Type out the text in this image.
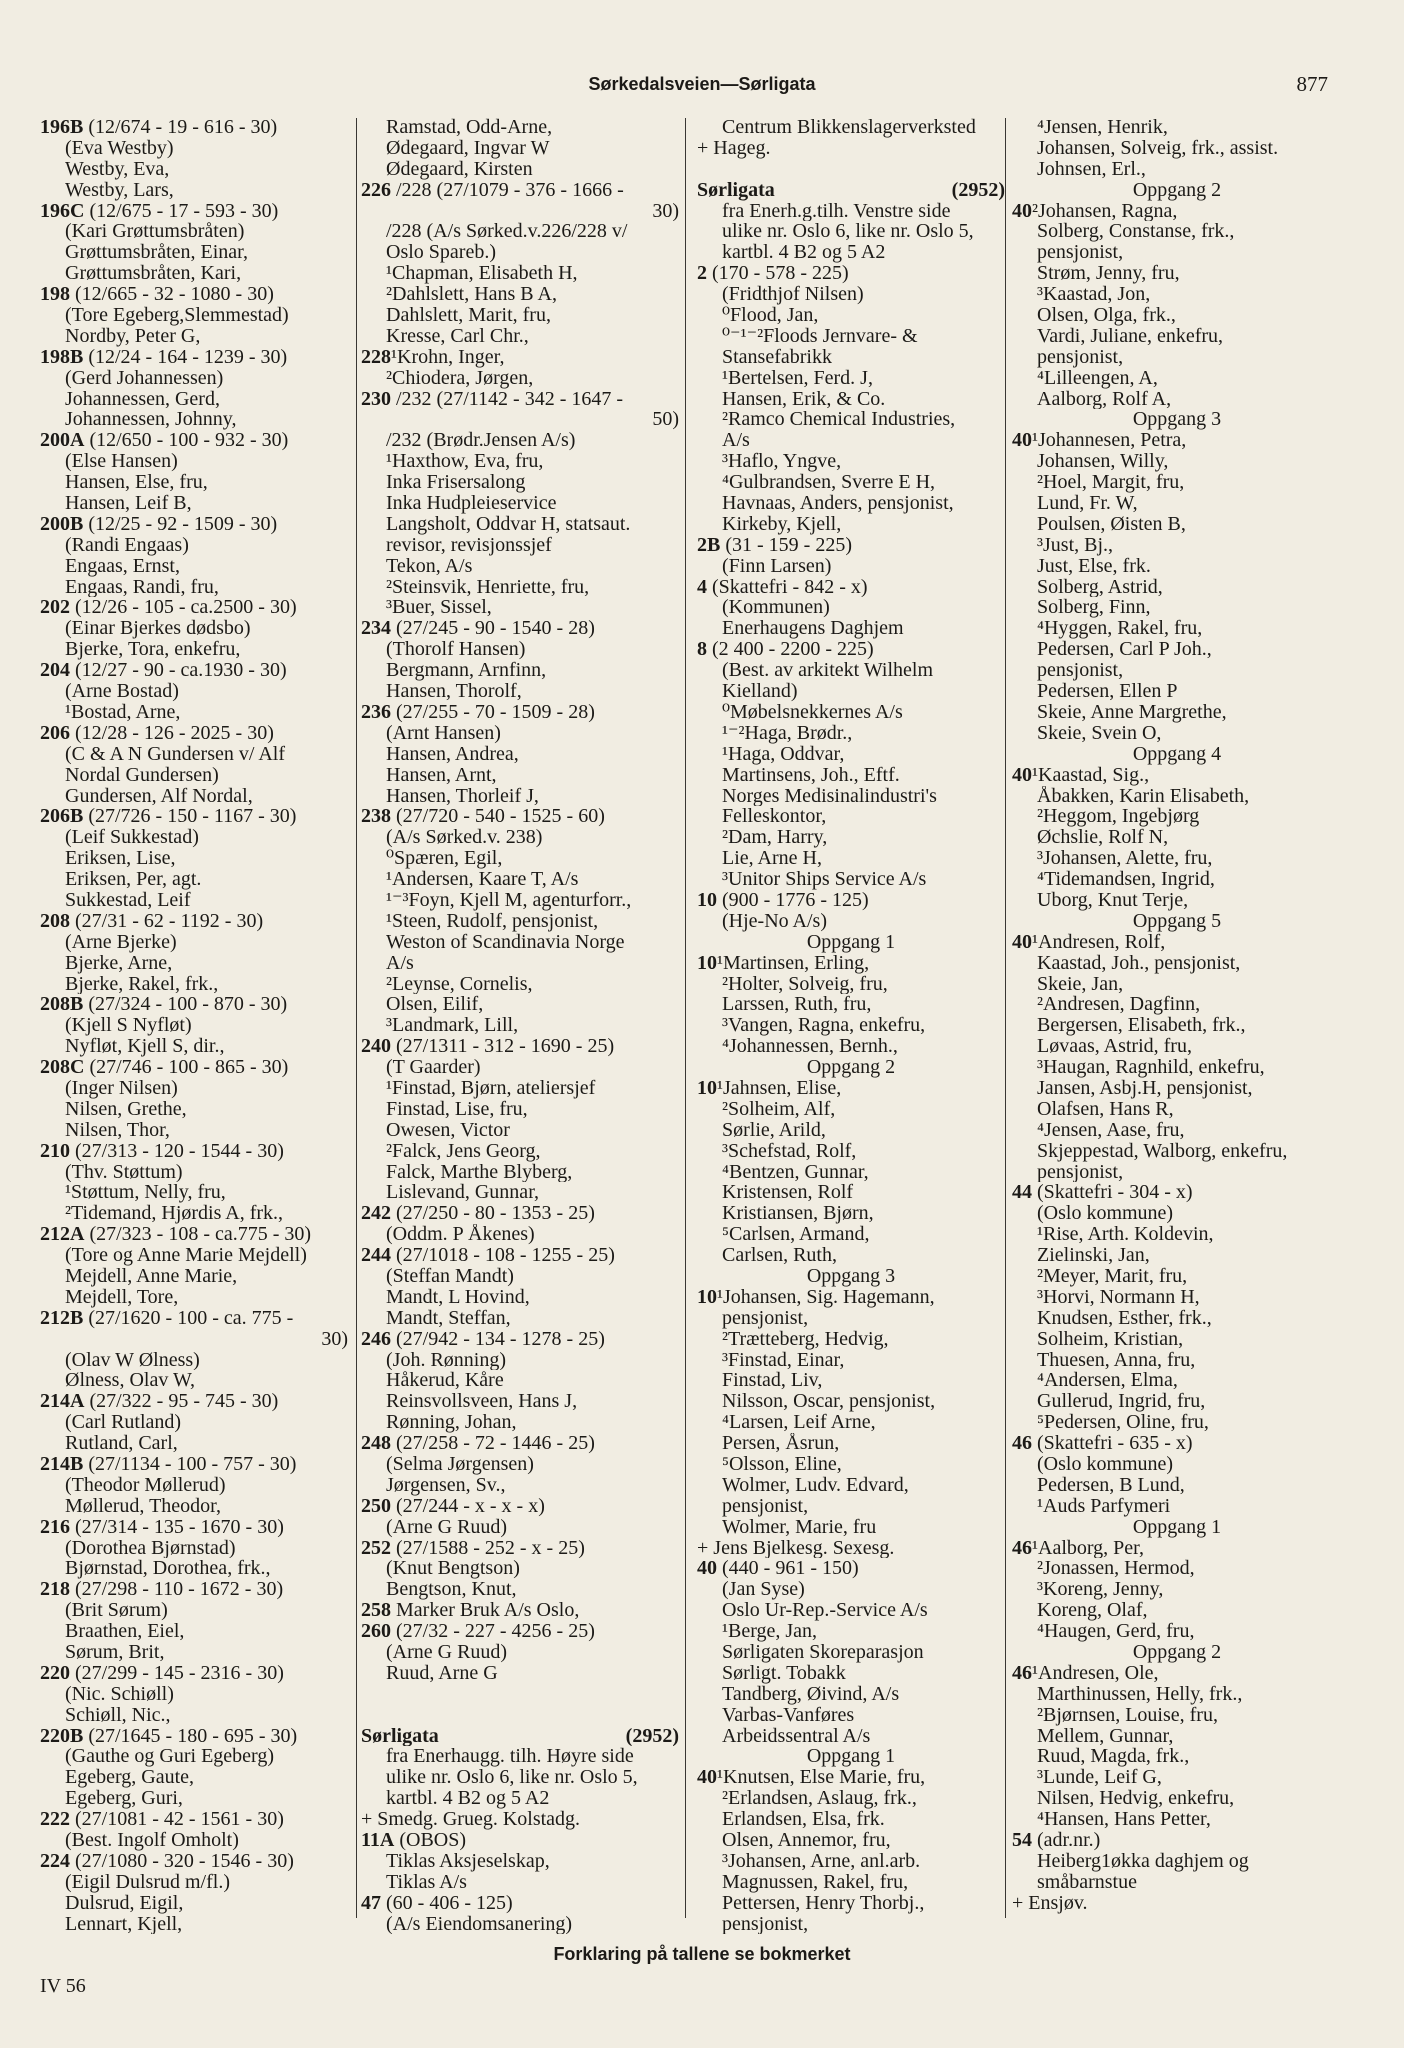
Sørkedalsveien—Sørligata	877
196B (12/674 - 19 - 616 - 30)
(Eva Westby)
Westby, Eva,
Westby, Lars,
196C (12/675 - 17 - 593 - 30)
(Kari Grøttumsbråten)
Grøttumsbråten, Einar,
Grøttumsbråten, Kari,
198 (12/665 - 32 - 1080 - 30)
(Tore Egeberg,Slemmestad)
Nordby, Peter G,
198B (12/24 - 164 - 1239 - 30)
(Gerd Johannessen)
Johannessen, Gerd,
Johannessen, Johnny,
200A (12/650 - 100 - 932 - 30)
(Else Hansen)
Hansen, Else, fru,
Hansen, Leif B,
200B (12/25 - 92 - 1509 - 30)
(Randi Engaas)
Engaas, Ernst,
Engaas, Randi, fru,
202 (12/26 - 105 - ca.2500 - 30)
(Einar Bjerkes dødsbo)
Bjerke, Tora, enkefru,
204 (12/27 - 90 - ca.1930 - 30)
(Arne Bostad)
¹Bostad, Arne,
206 (12/28 - 126 - 2025 - 30)
(C & A N Gundersen v/ Alf
Nordal Gundersen)
Gundersen, Alf Nordal,
206B (27/726 - 150 - 1167 - 30)
(Leif Sukkestad)
Eriksen, Lise,
Eriksen, Per, agt.
Sukkestad, Leif
208 (27/31 - 62 - 1192 - 30)
(Arne Bjerke)
Bjerke, Arne,
Bjerke, Rakel, frk.,
208B (27/324 - 100 - 870 - 30)
(Kjell S Nyfløt)
Nyfløt, Kjell S, dir.,
208C (27/746 - 100 - 865 - 30)
(Inger Nilsen)
Nilsen, Grethe,
Nilsen, Thor,
210 (27/313 - 120 - 1544 - 30)
(Thv. Støttum)
¹Støttum, Nelly, fru,
²Tidemand, Hjørdis A, frk.,
212A (27/323 - 108 - ca.775 - 30)
(Tore og Anne Marie Mejdell)
Mejdell, Anne Marie,
Mejdell, Tore,
212B (27/1620 - 100 - ca. 775 -
30)
(Olav W Ølness)
Ølness, Olav W,
214A (27/322 - 95 - 745 - 30)
(Carl Rutland)
Rutland, Carl,
214B (27/1134 - 100 - 757 - 30)
(Theodor Møllerud)
Møllerud, Theodor,
216 (27/314 - 135 - 1670 - 30)
(Dorothea Bjørnstad)
Bjørnstad, Dorothea, frk.,
218 (27/298 - 110 - 1672 - 30)
(Brit Sørum)
Braathen, Eiel,
Sørum, Brit,
220 (27/299 - 145 - 2316 - 30)
(Nic. Schiøll)
Schiøll, Nic.,
220B (27/1645 - 180 - 695 - 30)
(Gauthe og Guri Egeberg)
Egeberg, Gaute,
Egeberg, Guri,
222 (27/1081 - 42 - 1561 - 30)
(Best. Ingolf Omholt)
224 (27/1080 - 320 - 1546 - 30)
(Eigil Dulsrud m/fl.)
Dulsrud, Eigil,
Lennart, Kjell,
Ramstad, Odd-Arne,
Ødegaard, Ingvar W
Ødegaard, Kirsten
226 /228 (27/1079 - 376 - 1666 -
30)
/228 (A/s Sørked.v.226/228 v/
Oslo Spareb.)
¹Chapman, Elisabeth H,
²Dahlslett, Hans B A,
Dahlslett, Marit, fru,
Kresse, Carl Chr.,
228¹Krohn, Inger,
²Chiodera, Jørgen,
230 /232 (27/1142 - 342 - 1647 -
50)
/232 (Brødr.Jensen A/s)
¹Haxthow, Eva, fru,
Inka Frisersalong
Inka Hudpleieservice
Langsholt, Oddvar H, statsaut.
revisor, revisjonssjef
Tekon, A/s
²Steinsvik, Henriette, fru,
³Buer, Sissel,
234 (27/245 - 90 - 1540 - 28)
(Thorolf Hansen)
Bergmann, Arnfinn,
Hansen, Thorolf,
236 (27/255 - 70 - 1509 - 28)
(Arnt Hansen)
Hansen, Andrea,
Hansen, Arnt,
Hansen, Thorleif J,
238 (27/720 - 540 - 1525 - 60)
(A/s Sørked.v. 238)
⁰Spæren, Egil,
¹Andersen, Kaare T, A/s
¹⁻³Foyn, Kjell M, agenturforr.,
¹Steen, Rudolf, pensjonist,
Weston of Scandinavia Norge
A/s
²Leynse, Cornelis,
Olsen, Eilif,
³Landmark, Lill,
240 (27/1311 - 312 - 1690 - 25)
(T Gaarder)
¹Finstad, Bjørn, ateliersjef
Finstad, Lise, fru,
Owesen, Victor
²Falck, Jens Georg,
Falck, Marthe Blyberg,
Lislevand, Gunnar,
242 (27/250 - 80 - 1353 - 25)
(Oddm. P Åkenes)
244 (27/1018 - 108 - 1255 - 25)
(Steffan Mandt)
Mandt, L Hovind,
Mandt, Steffan,
246 (27/942 - 134 - 1278 - 25)
(Joh. Rønning)
Håkerud, Kåre
Reinsvollsveen, Hans J,
Rønning, Johan,
248 (27/258 - 72 - 1446 - 25)
(Selma Jørgensen)
Jørgensen, Sv.,
250 (27/244 - x - x - x)
(Arne G Ruud)
252 (27/1588 - 252 - x - 25)
(Knut Bengtson)
Bengtson, Knut,
258 Marker Bruk A/s Oslo,
260 (27/32 - 227 - 4256 - 25)
(Arne G Ruud)
Ruud, Arne G

Sørligata	(2952)
fra Enerhaugg. tilh. Høyre side
ulike nr. Oslo 6, like nr. Oslo 5,
kartbl. 4 B2 og 5 A2
+ Smedg. Grueg. Kolstadg.
11A (OBOS)
Tiklas Aksjeselskap,
Tiklas A/s
47 (60 - 406 - 125)
(A/s Eiendomsanering)
Centrum Blikkenslagerverksted
+ Hageg.

Sørligata	(2952)
fra Enerh.g.tilh. Venstre side
ulike nr. Oslo 6, like nr. Oslo 5,
kartbl. 4 B2 og 5 A2
2 (170 - 578 - 225)
(Fridthjof Nilsen)
⁰Flood, Jan,
⁰⁻¹⁻²Floods Jernvare- &
Stansefabrikk
¹Bertelsen, Ferd. J,
Hansen, Erik, & Co.
²Ramco Chemical Industries,
A/s
³Haflo, Yngve,
⁴Gulbrandsen, Sverre E H,
Havnaas, Anders, pensjonist,
Kirkeby, Kjell,
2B (31 - 159 - 225)
(Finn Larsen)
4 (Skattefri - 842 - x)
(Kommunen)
Enerhaugens Daghjem
8 (2 400 - 2200 - 225)
(Best. av arkitekt Wilhelm
Kielland)
⁰Møbelsnekkernes A/s
¹⁻²Haga, Brødr.,
¹Haga, Oddvar,
Martinsens, Joh., Eftf.
Norges Medisinalindustri's
Felleskontor,
²Dam, Harry,
Lie, Arne H,
³Unitor Ships Service A/s
10 (900 - 1776 - 125)
(Hje-No A/s)
Oppgang 1
10¹Martinsen, Erling,
²Holter, Solveig, fru,
Larssen, Ruth, fru,
³Vangen, Ragna, enkefru,
⁴Johannessen, Bernh.,
Oppgang 2
10¹Jahnsen, Elise,
²Solheim, Alf,
Sørlie, Arild,
³Schefstad, Rolf,
⁴Bentzen, Gunnar,
Kristensen, Rolf
Kristiansen, Bjørn,
⁵Carlsen, Armand,
Carlsen, Ruth,
Oppgang 3
10¹Johansen, Sig. Hagemann,
pensjonist,
²Trætteberg, Hedvig,
³Finstad, Einar,
Finstad, Liv,
Nilsson, Oscar, pensjonist,
⁴Larsen, Leif Arne,
Persen, Åsrun,
⁵Olsson, Eline,
Wolmer, Ludv. Edvard,
pensjonist,
Wolmer, Marie, fru
+ Jens Bjelkesg. Sexesg.
40 (440 - 961 - 150)
(Jan Syse)
Oslo Ur-Rep.-Service A/s
¹Berge, Jan,
Sørligaten Skoreparasjon
Sørligt. Tobakk
Tandberg, Øivind, A/s
Varbas-Vanføres
Arbeidssentral A/s
Oppgang 1
40¹Knutsen, Else Marie, fru,
²Erlandsen, Aslaug, frk.,
Erlandsen, Elsa, frk.
Olsen, Annemor, fru,
³Johansen, Arne, anl.arb.
Magnussen, Rakel, fru,
Pettersen, Henry Thorbj.,
pensjonist,
⁴Jensen, Henrik,
Johansen, Solveig, frk., assist.
Johnsen, Erl.,
Oppgang 2
40²Johansen, Ragna,
Solberg, Constanse, frk.,
pensjonist,
Strøm, Jenny, fru,
³Kaastad, Jon,
Olsen, Olga, frk.,
Vardi, Juliane, enkefru,
pensjonist,
⁴Lilleengen, A,
Aalborg, Rolf A,
Oppgang 3
40¹Johannesen, Petra,
Johansen, Willy,
²Hoel, Margit, fru,
Lund, Fr. W,
Poulsen, Øisten B,
³Just, Bj.,
Just, Else, frk.
Solberg, Astrid,
Solberg, Finn,
⁴Hyggen, Rakel, fru,
Pedersen, Carl P Joh.,
pensjonist,
Pedersen, Ellen P
Skeie, Anne Margrethe,
Skeie, Svein O,
Oppgang 4
40¹Kaastad, Sig.,
Åbakken, Karin Elisabeth,
²Heggom, Ingebjørg
Øchslie, Rolf N,
³Johansen, Alette, fru,
⁴Tidemandsen, Ingrid,
Uborg, Knut Terje,
Oppgang 5
40¹Andresen, Rolf,
Kaastad, Joh., pensjonist,
Skeie, Jan,
²Andresen, Dagfinn,
Bergersen, Elisabeth, frk.,
Løvaas, Astrid, fru,
³Haugan, Ragnhild, enkefru,
Jansen, Asbj.H, pensjonist,
Olafsen, Hans R,
⁴Jensen, Aase, fru,
Skjeppestad, Walborg, enkefru,
pensjonist,
44 (Skattefri - 304 - x)
(Oslo kommune)
¹Rise, Arth. Koldevin,
Zielinski, Jan,
²Meyer, Marit, fru,
³Horvi, Normann H,
Knudsen, Esther, frk.,
Solheim, Kristian,
Thuesen, Anna, fru,
⁴Andersen, Elma,
Gullerud, Ingrid, fru,
⁵Pedersen, Oline, fru,
46 (Skattefri - 635 - x)
(Oslo kommune)
Pedersen, B Lund,
¹Auds Parfymeri
Oppgang 1
46¹Aalborg, Per,
²Jonassen, Hermod,
³Koreng, Jenny,
Koreng, Olaf,
⁴Haugen, Gerd, fru,
Oppgang 2
46¹Andresen, Ole,
Marthinussen, Helly, frk.,
²Bjørnsen, Louise, fru,
Mellem, Gunnar,
Ruud, Magda, frk.,
³Lunde, Leif G,
Nilsen, Hedvig, enkefru,
⁴Hansen, Hans Petter,
54 (adr.nr.)
Heiberg1økka daghjem og
småbarnstue
+ Ensjøv.
Forklaring på tallene se bokmerket
IV 56
